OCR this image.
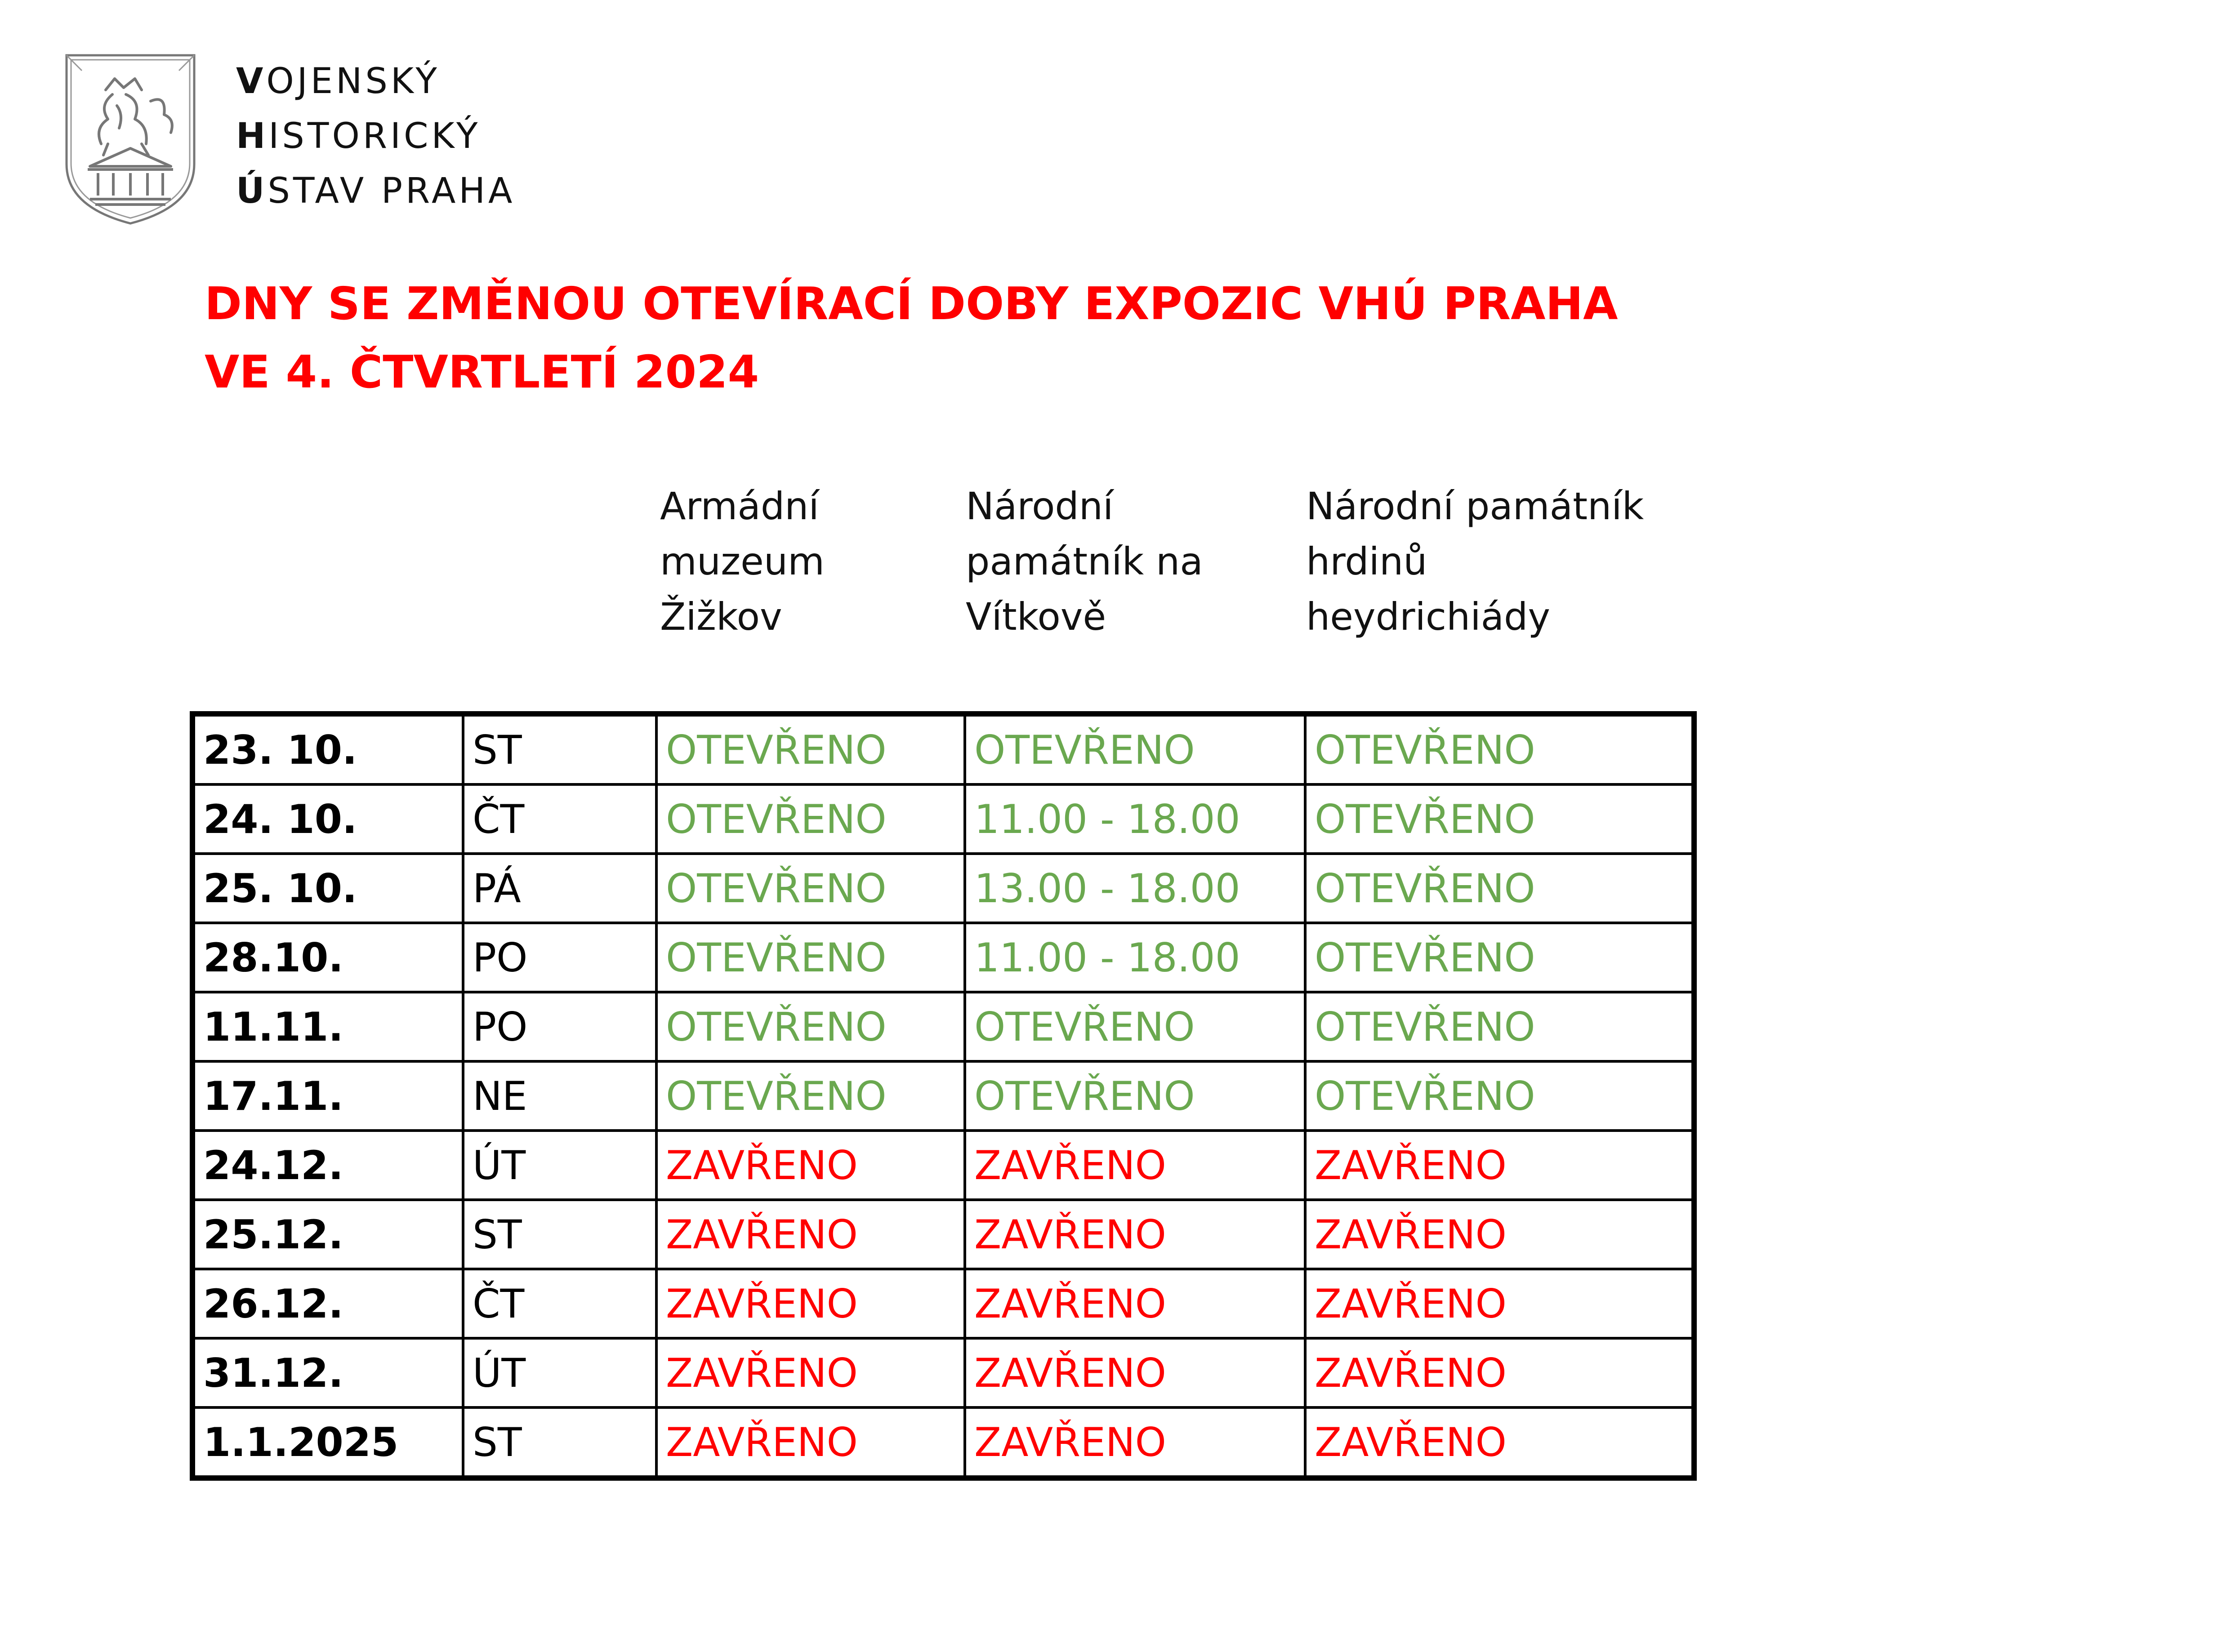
VOJENSKÝ
HISTORICKÝ
ÚSTAV PRAHA
DNY SE ZMĚNOU OTEVÍRACÍ DOBY EXPOZIC VHÚ PRAHA
VE 4. ČTVRTLETÍ 2024
Armádní
muzeum
Žižkov
Národní
památník na
Vítkově
Národní památník
hrdinů
heydrichiády
23. 10.	ST	OTEVŘENO	OTEVŘENO	OTEVŘENO
24. 10.	ČT	OTEVŘENO	11.00 - 18.00	OTEVŘENO
25. 10.	PÁ	OTEVŘENO	13.00 - 18.00	OTEVŘENO
28.10.	PO	OTEVŘENO	11.00 - 18.00	OTEVŘENO
11.11.	PO	OTEVŘENO	OTEVŘENO	OTEVŘENO
17.11.	NE	OTEVŘENO	OTEVŘENO	OTEVŘENO
24.12.	ÚT	ZAVŘENO	ZAVŘENO	ZAVŘENO
25.12.	ST	ZAVŘENO	ZAVŘENO	ZAVŘENO
26.12.	ČT	ZAVŘENO	ZAVŘENO	ZAVŘENO
31.12.	ÚT	ZAVŘENO	ZAVŘENO	ZAVŘENO
1.1.2025	ST	ZAVŘENO	ZAVŘENO	ZAVŘENO
